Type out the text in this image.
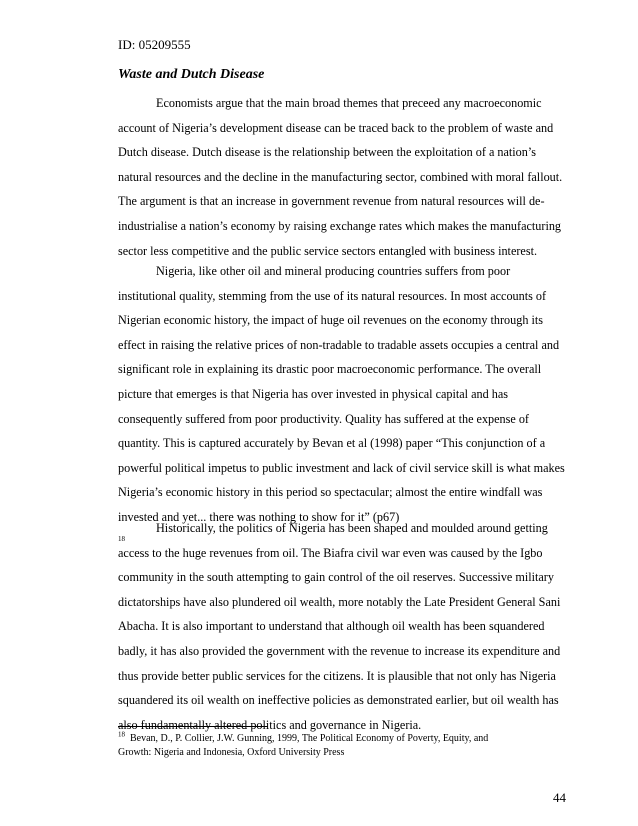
ID: 05209555
Waste and Dutch Disease

Economists argue that the main broad themes that preceed any macroeconomic
account of Nigeria’s development disease can be traced back to the problem of waste and
Dutch disease. Dutch disease is the relationship between the exploitation of a nation’s
natural resources and the decline in the manufacturing sector, combined with moral fallout.
The argument is that an increase in government revenue from natural resources will de-
industrialise a nation’s economy by raising exchange rates which makes the manufacturing
sector less competitive and the public service sectors entangled with business interest.

Nigeria, like other oil and mineral producing countries suffers from poor
institutional quality, stemming from the use of its natural resources. In most accounts of
Nigerian economic history, the impact of huge oil revenues on the economy through its
effect in raising the relative prices of non-tradable to tradable assets occupies a central and
significant role in explaining its drastic poor macroeconomic performance. The overall
picture that emerges is that Nigeria has over invested in physical capital and has
consequently suffered from poor productivity. Quality has suffered at the expense of
quantity. This is captured accurately by Bevan et al (1998) paper “This conjunction of a
powerful political impetus to public investment and lack of civil service skill is what makes
Nigeria’s economic history in this period so spectacular; almost the entire windfall was
invested and yet... there was nothing to show for it” (p67)
$^{18}$

Historically, the politics of Nigeria has been shaped and moulded around getting
access to the huge revenues from oil. The Biafra civil war even was caused by the Igbo
community in the south attempting to gain control of the oil reserves. Successive military
dictatorships have also plundered oil wealth, more notably the Late President General Sani
Abacha. It is also important to understand that although oil wealth has been squandered
badly, it has also provided the government with the revenue to increase its expenditure and
thus provide better public services for the citizens. It is plausible that not only has Nigeria
squandered its oil wealth on ineffective policies as demonstrated earlier, but oil wealth has
also fundamentally altered politics and governance in Nigeria.

$^{18}$ Bevan, D., P. Collier, J.W. Gunning, 1999, The Political Economy of Poverty, Equity, and
Growth: Nigeria and Indonesia, Oxford University Press

44
